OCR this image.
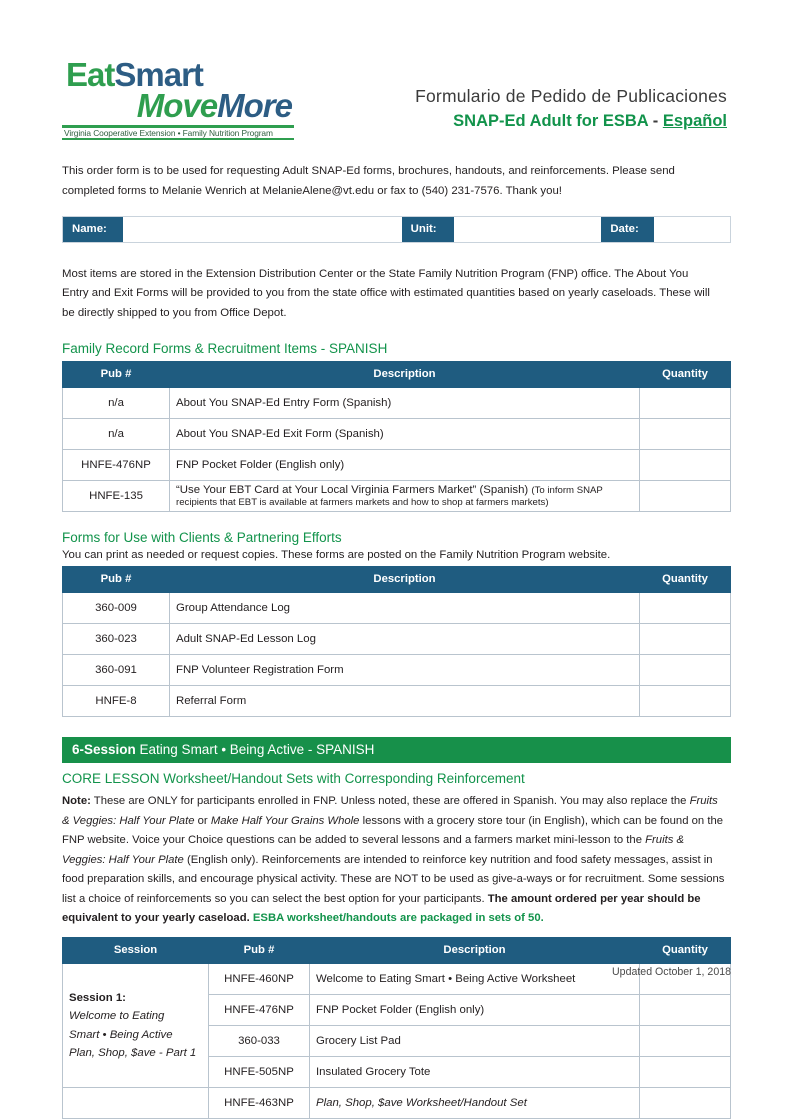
EatSmart
MoveMore
Virginia Cooperative Extension • Family Nutrition Program
Formulario de Pedido de Publicaciones
SNAP-Ed Adult for ESBA - Español
This order form is to be used for requesting Adult SNAP-Ed forms, brochures, handouts, and reinforcements. Please send completed forms to Melanie Wenrich at MelanieAlene@vt.edu or fax to (540) 231-7576. Thank you!
Name:	Unit:	Date:
Most items are stored in the Extension Distribution Center or the State Family Nutrition Program (FNP) office. The About You Entry and Exit Forms will be provided to you from the state office with estimated quantities based on yearly caseloads. These will be directly shipped to you from Office Depot.
Family Record Forms & Recruitment Items - SPANISH
Pub #	Description	Quantity
n/a	About You SNAP-Ed Entry Form (Spanish)	
n/a	About You SNAP-Ed Exit Form (Spanish)	
HNFE-476NP	FNP Pocket Folder (English only)	
HNFE-135	“Use Your EBT Card at Your Local Virginia Farmers Market” (Spanish) (To inform SNAP recipients that EBT is available at farmers markets and how to shop at farmers markets)	
Forms for Use with Clients & Partnering Efforts
You can print as needed or request copies. These forms are posted on the Family Nutrition Program website.
Pub #	Description	Quantity
360-009	Group Attendance Log	
360-023	Adult SNAP-Ed Lesson Log	
360-091	FNP Volunteer Registration Form	
HNFE-8	Referral Form	
6-Session Eating Smart • Being Active - SPANISH
CORE LESSON Worksheet/Handout Sets with Corresponding Reinforcement
Note: These are ONLY for participants enrolled in FNP. Unless noted, these are offered in Spanish. You may also replace the Fruits & Veggies: Half Your Plate or Make Half Your Grains Whole lessons with a grocery store tour (in English), which can be found on the FNP website. Voice your Choice questions can be added to several lessons and a farmers market mini-lesson to the Fruits & Veggies: Half Your Plate (English only). Reinforcements are intended to reinforce key nutrition and food safety messages, assist in food preparation skills, and encourage physical activity. These are NOT to be used as give-a-ways or for recruitment. Some sessions list a choice of reinforcements so you can select the best option for your participants. The amount ordered per year should be equivalent to your yearly caseload. ESBA worksheet/handouts are packaged in sets of 50.
Session	Pub #	Description	Quantity
Session 1:
Welcome to Eating
Smart • Being Active
Plan, Shop, $ave - Part 1	HNFE-460NP	Welcome to Eating Smart • Being Active Worksheet	
	HNFE-476NP	FNP Pocket Folder (English only)	
	360-033	Grocery List Pad	
	HNFE-505NP	Insulated Grocery Tote	
	HNFE-463NP	Plan, Shop, $ave Worksheet/Handout Set	
Updated October 1, 2018
